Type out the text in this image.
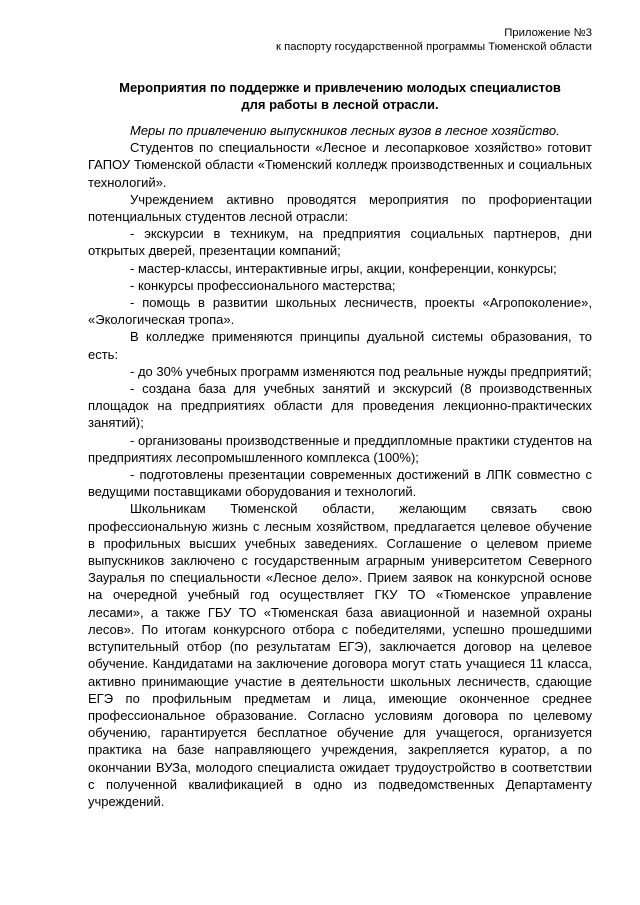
Приложение №3
к паспорту государственной программы Тюменской области
Мероприятия по поддержке и привлечению молодых специалистов
для работы в лесной отрасли.

Меры по привлечению выпускников лесных вузов в лесное хозяйство.

Студентов по специальности «Лесное и лесопарковое хозяйство» готовит ГАПОУ Тюменской области «Тюменский колледж производственных и социальных технологий».

Учреждением активно проводятся мероприятия по профориентации потенциальных студентов лесной отрасли:

- экскурсии в техникум, на предприятия социальных партнеров, дни открытых дверей, презентации компаний;

- мастер-классы, интерактивные игры, акции, конференции, конкурсы;

- конкурсы профессионального мастерства;

- помощь в развитии школьных лесничеств, проекты «Агропоколение», «Экологическая тропа».

В колледже применяются принципы дуальной системы образования, то есть:

- до 30% учебных программ изменяются под реальные нужды предприятий;

- создана база для учебных занятий и экскурсий (8 производственных площадок на предприятиях области для проведения лекционно-практических занятий);

- организованы производственные и преддипломные практики студентов на предприятиях лесопромышленного комплекса (100%);

- подготовлены презентации современных достижений в ЛПК совместно с ведущими поставщиками оборудования и технологий.

Школьникам Тюменской области, желающим связать свою профессиональную жизнь с лесным хозяйством, предлагается целевое обучение в профильных высших учебных заведениях. Соглашение о целевом приеме выпускников заключено с государственным аграрным университетом Северного Зауралья по специальности «Лесное дело». Прием заявок на конкурсной основе на очередной учебный год осуществляет ГКУ ТО «Тюменское управление лесами», а также ГБУ ТО «Тюменская база авиационной и наземной охраны лесов». По итогам конкурсного отбора с победителями, успешно прошедшими вступительный отбор (по результатам ЕГЭ), заключается договор на целевое обучение. Кандидатами на заключение договора могут стать учащиеся 11 класса, активно принимающие участие в деятельности школьных лесничеств, сдающие ЕГЭ по профильным предметам и лица, имеющие оконченное среднее профессиональное образование. Согласно условиям договора по целевому обучению, гарантируется бесплатное обучение для учащегося, организуется практика на базе направляющего учреждения, закрепляется куратор, а по окончании ВУЗа, молодого специалиста ожидает трудоустройство в соответствии с полученной квалификацией в одно из подведомственных Департаменту учреждений.
